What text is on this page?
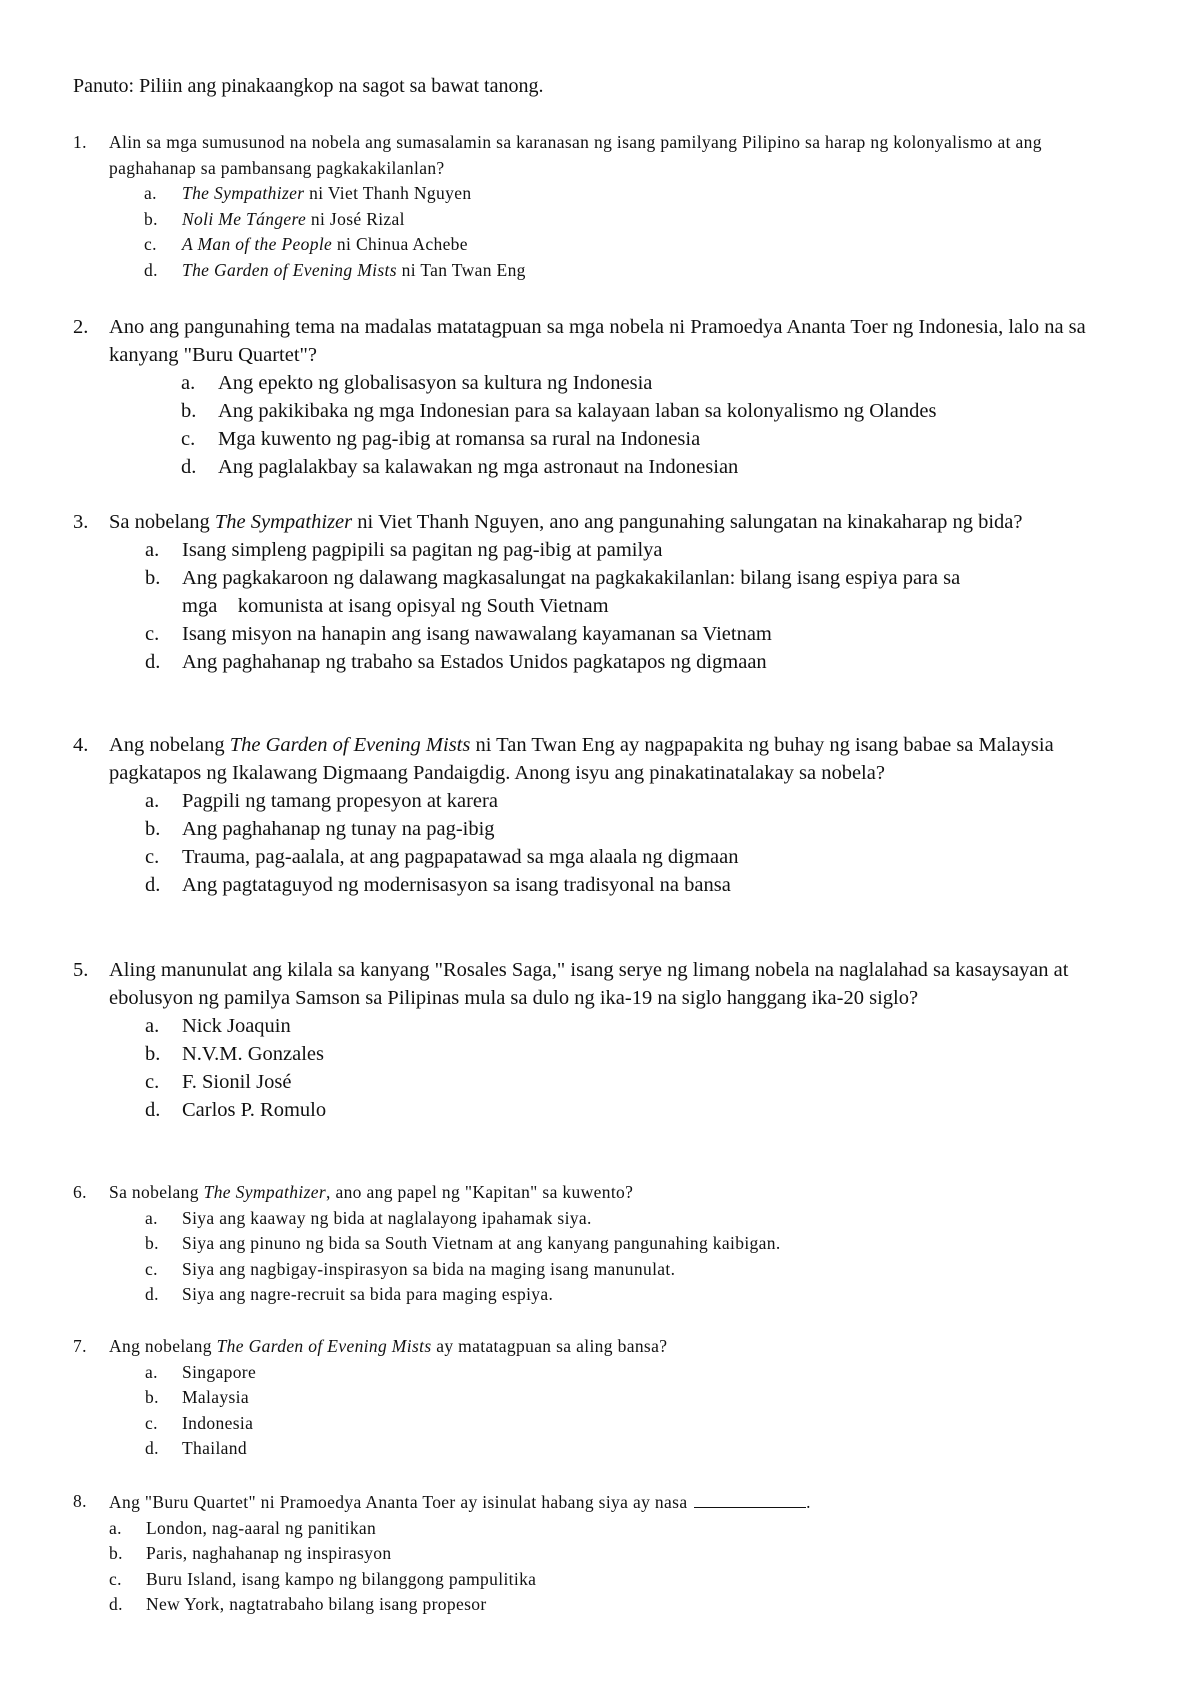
Panuto: Piliin ang pinakaangkop na sagot sa bawat tanong.
1. Alin sa mga sumusunod na nobela ang sumasalamin sa karanasan ng isang pamilyang Pilipino sa harap ng kolonyalismo at ang paghahanap sa pambansang pagkakakilanlan?
a. The Sympathizer ni Viet Thanh Nguyen
b. Noli Me Tángere ni José Rizal
c. A Man of the People ni Chinua Achebe
d. The Garden of Evening Mists ni Tan Twan Eng
2. Ano ang pangunahing tema na madalas matatagpuan sa mga nobela ni Pramoedya Ananta Toer ng Indonesia, lalo na sa kanyang "Buru Quartet"?
a. Ang epekto ng globalisasyon sa kultura ng Indonesia
b. Ang pakikibaka ng mga Indonesian para sa kalayaan laban sa kolonyalismo ng Olandes
c. Mga kuwento ng pag-ibig at romansa sa rural na Indonesia
d. Ang paglalakbay sa kalawakan ng mga astronaut na Indonesian
3. Sa nobelang The Sympathizer ni Viet Thanh Nguyen, ano ang pangunahing salungatan na kinakaharap ng bida?
a. Isang simpleng pagpipili sa pagitan ng pag-ibig at pamilya
b. Ang pagkakaroon ng dalawang magkasalungat na pagkakakilanlan: bilang isang espiya para sa
mga    komunista at isang opisyal ng South Vietnam
c. Isang misyon na hanapin ang isang nawawalang kayamanan sa Vietnam
d. Ang paghahanap ng trabaho sa Estados Unidos pagkatapos ng digmaan
4. Ang nobelang The Garden of Evening Mists ni Tan Twan Eng ay nagpapakita ng buhay ng isang babae sa Malaysia pagkatapos ng Ikalawang Digmaang Pandaigdig. Anong isyu ang pinakatinatalakay sa nobela?
a. Pagpili ng tamang propesyon at karera
b. Ang paghahanap ng tunay na pag-ibig
c. Trauma, pag-aalala, at ang pagpapatawad sa mga alaala ng digmaan
d. Ang pagtataguyod ng modernisasyon sa isang tradisyonal na bansa
5. Aling manunulat ang kilala sa kanyang "Rosales Saga," isang serye ng limang nobela na naglalahad sa kasaysayan at ebolusyon ng pamilya Samson sa Pilipinas mula sa dulo ng ika-19 na siglo hanggang ika-20 siglo?
a. Nick Joaquin
b. N.V.M. Gonzales
c. F. Sionil José
d. Carlos P. Romulo
6. Sa nobelang The Sympathizer, ano ang papel ng "Kapitan" sa kuwento?
a. Siya ang kaaway ng bida at naglalayong ipahamak siya.
b. Siya ang pinuno ng bida sa South Vietnam at ang kanyang pangunahing kaibigan.
c. Siya ang nagbigay-inspirasyon sa bida na maging isang manunulat.
d. Siya ang nagre-recruit sa bida para maging espiya.
7. Ang nobelang The Garden of Evening Mists ay matatagpuan sa aling bansa?
a. Singapore
b. Malaysia
c. Indonesia
d. Thailand
8. Ang "Buru Quartet" ni Pramoedya Ananta Toer ay isinulat habang siya ay nasa	.
a. London, nag-aaral ng panitikan
b. Paris, naghahanap ng inspirasyon
c. Buru Island, isang kampo ng bilanggong pampulitika
d. New York, nagtatrabaho bilang isang propesor
